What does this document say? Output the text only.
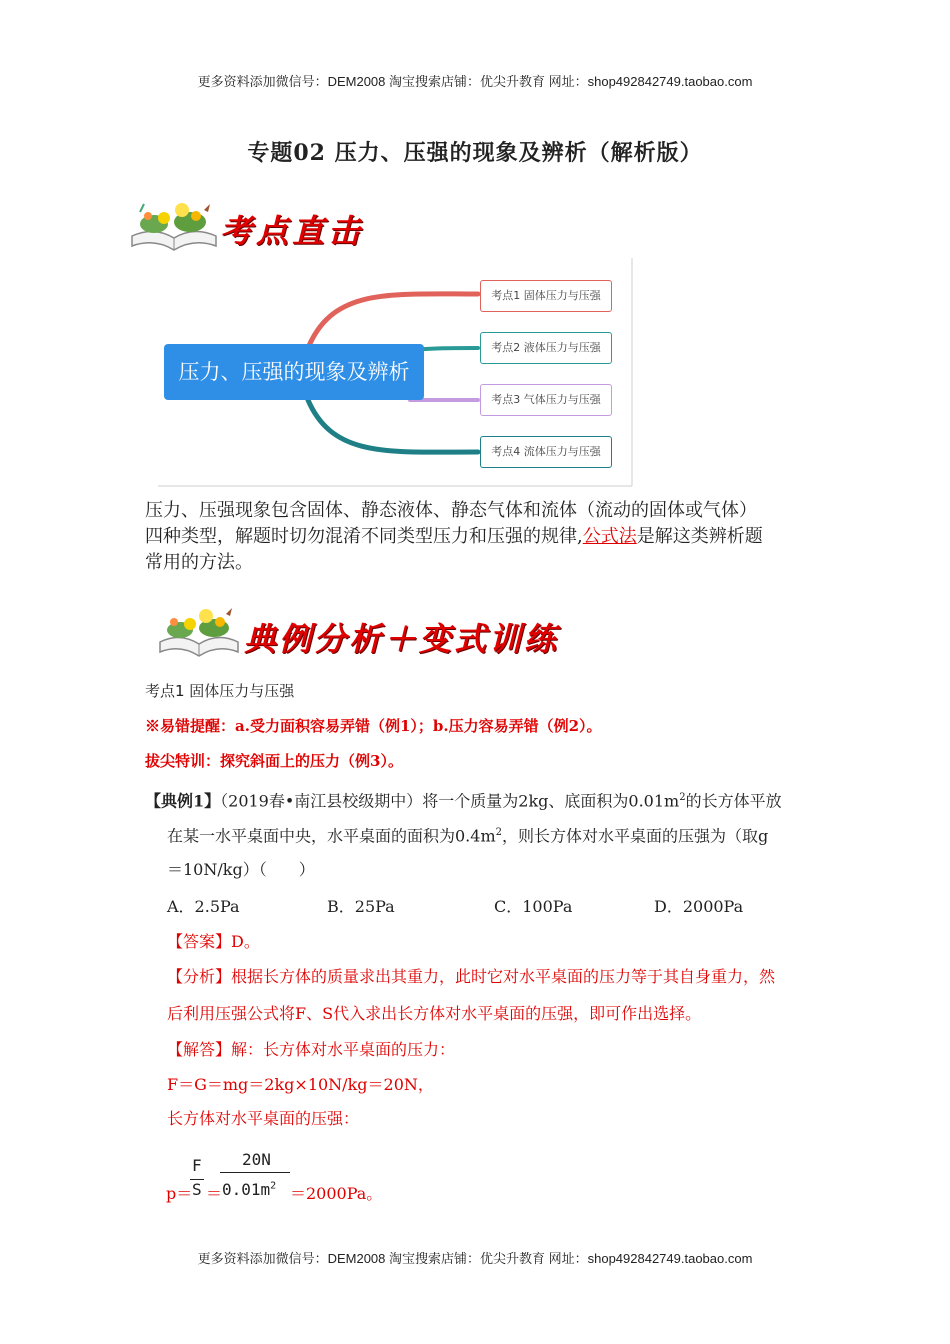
更多资料添加微信号：DEM2008 淘宝搜索店铺：优尖升教育 网址：shop492842749.taobao.com
专题02 压力、压强的现象及辨析（解析版）
考点直击
压力、压强的现象及辨析
考点1 固体压力与压强
考点2 液体压力与压强
考点3 气体压力与压强
考点4 流体压力与压强
压力、压强现象包含固体、静态液体、静态气体和流体（流动的固体或气体）
四种类型，解题时切勿混淆不同类型压力和压强的规律,公式法是解这类辨析题
常用的方法。
典例分析＋变式训练
考点1 固体压力与压强
※易错提醒：a.受力面积容易弄错（例1）；b.压力容易弄错（例2）。
拔尖特训：探究斜面上的压力（例3）。
【典例1】（2019春•南江县校级期中）将一个质量为2kg、底面积为$0.01m^2$的长方体平放
在某一水平桌面中央，水平桌面的面积为$0.4m^2$，则长方体对水平桌面的压强为（取g
＝10N/kg）（　　）
A．2.5Pa	B．25Pa	C．100Pa	D．2000Pa
【答案】D。
【分析】根据长方体的质量求出其重力，此时它对水平桌面的压力等于其自身重力，然
后利用压强公式将F、S代入求出长方体对水平桌面的压强，即可作出选择。
【解答】解：长方体对水平桌面的压力：
F＝G＝mg＝2kg×10N/kg＝20N，
长方体对水平桌面的压强：
p＝
F
S ＝
20N
$0.01m^2 =2000Pa$。
更多资料添加微信号：DEM2008 淘宝搜索店铺：优尖升教育 网址：shop492842749.taobao.com
